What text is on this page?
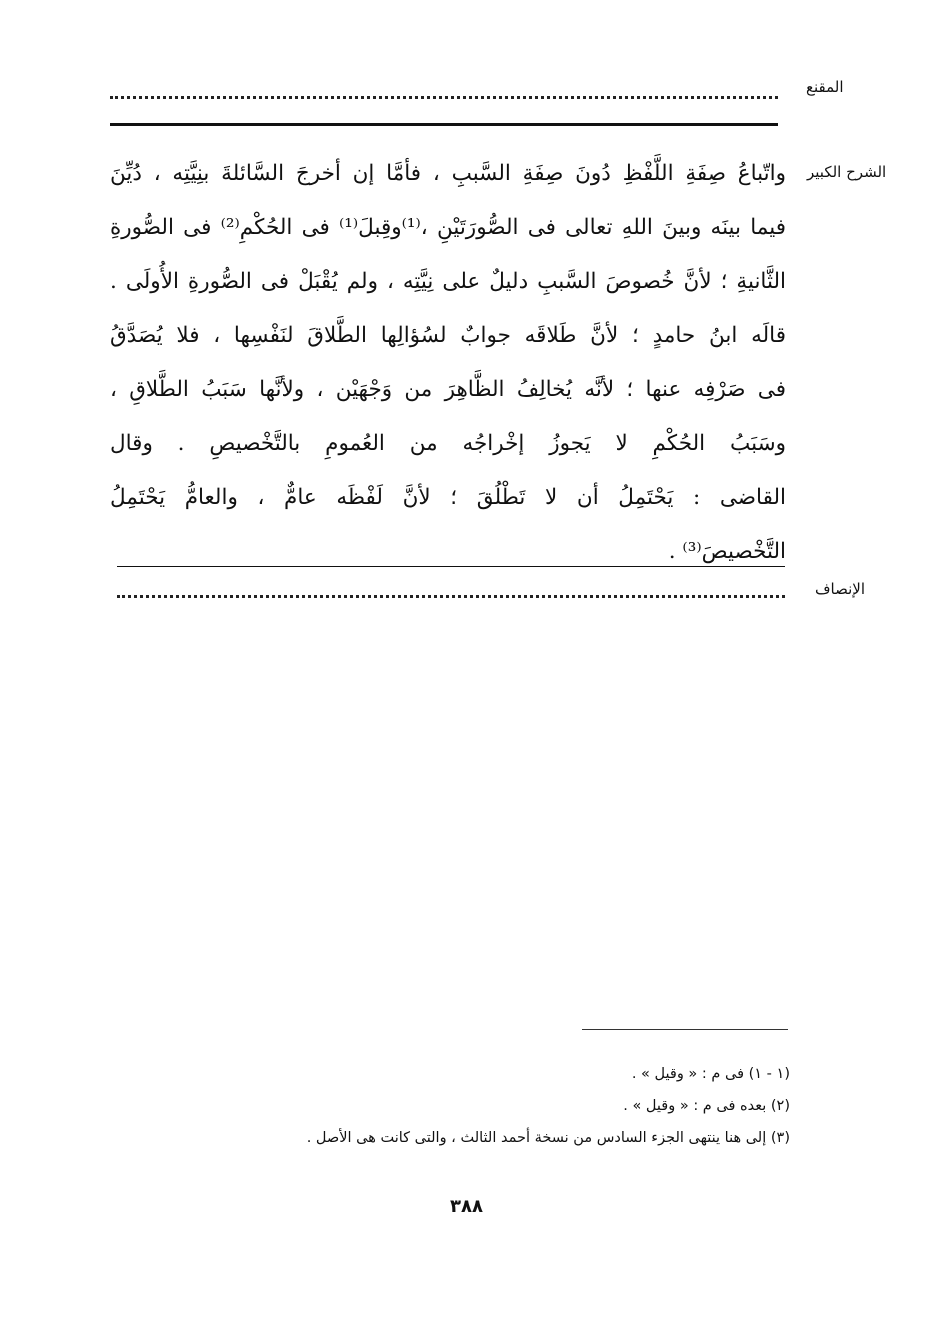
المقنع
الشرح الكبير
واتّباعُ صِفَةِ اللَّفْظِ دُونَ صِفَةِ السَّببِ ، فأمَّا إن أخرجَ السَّائلةَ بنِيَّتِه ، دُيِّنَ
فيما بينَه وبينَ اللهِ تعالى فى الصُّورَتَيْنِ ،⁽¹⁾وقِبلَ⁽¹⁾ فى الحُكْمِ⁽²⁾ فى الصُّورةِ
الثَّانيةِ ؛ لأنَّ خُصوصَ السَّببِ دليلٌ على نِيَّتِه ، ولم يُقْبَلْ فى الصُّورةِ الأُولَى .
قالَه ابنُ حامدٍ ؛ لأنَّ طَلاقَه جوابٌ لسُؤالِها الطَّلاقَ لنَفْسِها ، فلا يُصَدَّقُ
فى صَرْفِه عنها ؛ لأنَّه يُخالِفُ الظَّاهِرَ من وَجْهَيْن ، ولأنَّها سَبَبُ الطَّلاقِ ،
وسَبَبُ الحُكْمِ لا يَجوزُ إخْراجُه من العُمومِ بالتَّخْصيصِ . وقال
القاضى : يَحْتَمِلُ أن لا تَطْلُقَ ؛ لأنَّ لَفْظَه عامٌّ ، والعامُّ يَحْتَمِلُ
التَّخْصيصَ⁽³⁾ .
الإنصاف
(١ - ١) فى م : « وقيل » .
(٢) بعده فى م : « وقيل » .
(٣) إلى هنا ينتهى الجزء السادس من نسخة أحمد الثالث ، والتى كانت هى الأصل .
٣٨٨
